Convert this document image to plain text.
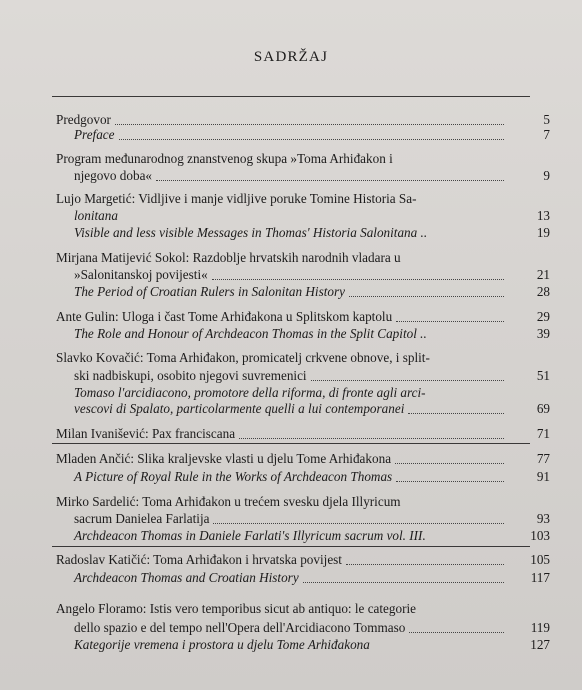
SADRŽAJ
Predgovor	5
Preface	7
Program međunarodnog znanstvenog skupa »Toma Arhiđakon i
njegovo doba«	9
Lujo Margetić: Vidljive i manje vidljive poruke Tomine Historia Sa-
lonitana	13
Visible and less visible Messages in Thomas' Historia Salonitana ..	19
Mirjana Matijević Sokol: Razdoblje hrvatskih narodnih vladara u
»Salonitanskoj povijesti«	21
The Period of Croatian Rulers in Salonitan History	28
Ante Gulin: Uloga i čast Tome Arhiđakona u Splitskom kaptolu	29
The Role and Honour of Archdeacon Thomas in the Split Capitol ..	39
Slavko Kovačić: Toma Arhiđakon, promicatelj crkvene obnove, i split-
ski nadbiskupi, osobito njegovi suvremenici	51
Tomaso l'arcidiacono, promotore della riforma, di fronte agli arci-
vescovi di Spalato, particolarmente quelli a lui contemporanei	69
Milan Ivanišević: Pax franciscana	71
Mladen Ančić: Slika kraljevske vlasti u djelu Tome Arhiđakona	77
A Picture of Royal Rule in the Works of Archdeacon Thomas	91
Mirko Sardelić: Toma Arhiđakon u trećem svesku djela Illyricum
sacrum Danielea Farlatija	93
Archdeacon Thomas in Daniele Farlati's Illyricum sacrum vol. III.	103
Radoslav Katičić: Toma Arhiđakon i hrvatska povijest	105
Archdeacon Thomas and Croatian History	117
Angelo Floramo: Istis vero temporibus sicut ab antiquo: le categorie
dello spazio e del tempo nell'Opera dell'Arcidiacono Tommaso	119
Kategorije vremena i prostora u djelu Tome Arhiđakona	127
